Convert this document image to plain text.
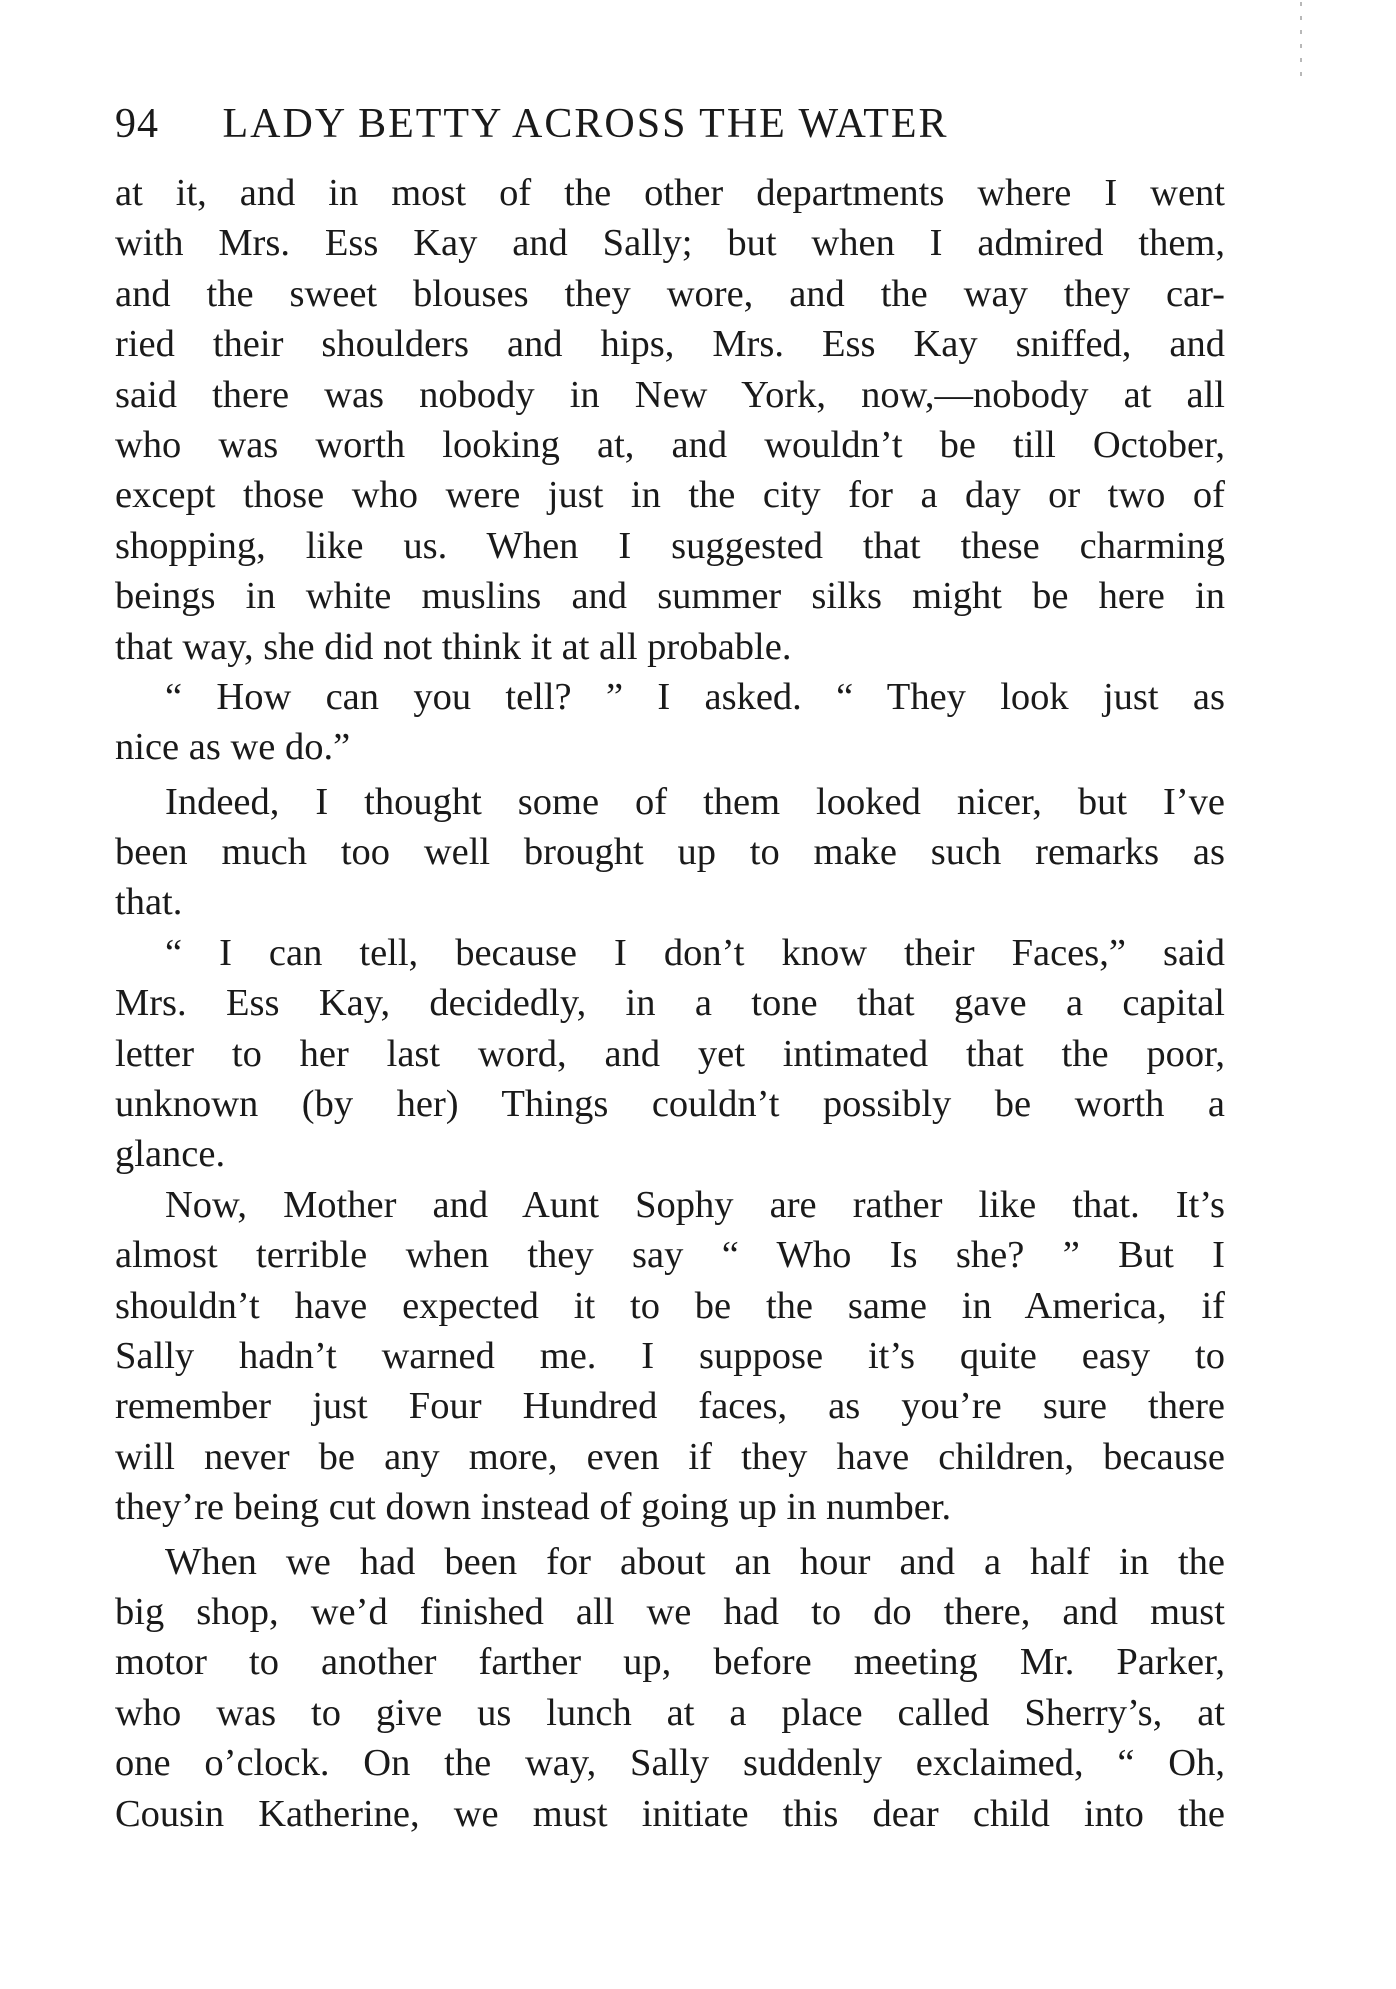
94 LADY BETTY ACROSS THE WATER
at it, and in most of the other departments where I went
with Mrs. Ess Kay and Sally; but when I admired them,
and the sweet blouses they wore, and the way they car-
ried their shoulders and hips, Mrs. Ess Kay sniffed, and
said there was nobody in New York, now,—nobody at all
who was worth looking at, and wouldn’t be till October,
except those who were just in the city for a day or two of
shopping, like us. When I suggested that these charming
beings in white muslins and summer silks might be here in
that way, she did not think it at all probable.
“ How can you tell? ” I asked. “ They look just as
nice as we do.”
Indeed, I thought some of them looked nicer, but I’ve
been much too well brought up to make such remarks as
that.
“ I can tell, because I don’t know their Faces,” said
Mrs. Ess Kay, decidedly, in a tone that gave a capital
letter to her last word, and yet intimated that the poor,
unknown (by her) Things couldn’t possibly be worth a
glance.
Now, Mother and Aunt Sophy are rather like that. It’s
almost terrible when they say “ Who Is she? ” But I
shouldn’t have expected it to be the same in America, if
Sally hadn’t warned me. I suppose it’s quite easy to
remember just Four Hundred faces, as you’re sure there
will never be any more, even if they have children, because
they’re being cut down instead of going up in number.
When we had been for about an hour and a half in the
big shop, we’d finished all we had to do there, and must
motor to another farther up, before meeting Mr. Parker,
who was to give us lunch at a place called Sherry’s, at
one o’clock. On the way, Sally suddenly exclaimed, “ Oh,
Cousin Katherine, we must initiate this dear child into the
